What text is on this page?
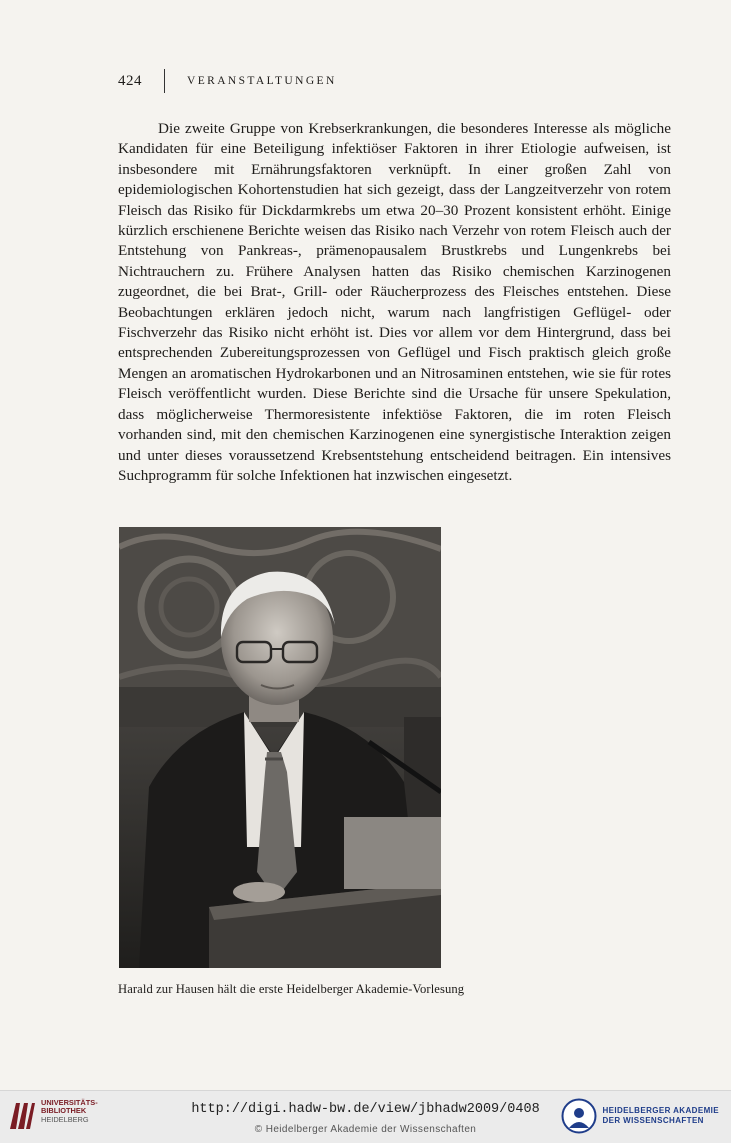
424	VERANSTALTUNGEN

Die zweite Gruppe von Krebserkrankungen, die besonderes Interesse als mögliche Kandidaten für eine Beteiligung infektiöser Faktoren in ihrer Etiologie aufweisen, ist insbesondere mit Ernährungsfaktoren verknüpft. In einer großen Zahl von epidemiologischen Kohortenstudien hat sich gezeigt, dass der Langzeitverzehr von rotem Fleisch das Risiko für Dickdarmkrebs um etwa 20–30 Prozent konsistent erhöht. Einige kürzlich erschienene Berichte weisen das Risiko nach Verzehr von rotem Fleisch auch der Entstehung von Pankreas-, prämenopausalem Brustkrebs und Lungenkrebs bei Nichtrauchern zu. Frühere Analysen hatten das Risiko chemischen Karzinogenen zugeordnet, die bei Brat-, Grill- oder Räucherprozess des Fleisches entstehen. Diese Beobachtungen erklären jedoch nicht, warum nach langfristigen Geflügel- oder Fischverzehr das Risiko nicht erhöht ist. Dies vor allem vor dem Hintergrund, dass bei entsprechenden Zubereitungsprozessen von Geflügel und Fisch praktisch gleich große Mengen an aromatischen Hydrokarbonen und an Nitrosaminen entstehen, wie sie für rotes Fleisch veröffentlicht wurden. Diese Berichte sind die Ursache für unsere Spekulation, dass möglicherweise Thermoresistente infektiöse Faktoren, die im roten Fleisch vorhanden sind, mit den chemischen Karzinogenen eine synergistische Interaktion zeigen und unter dieses voraussetzend Krebsentstehung entscheidend beitragen. Ein intensives Suchprogramm für solche Infektionen hat inzwischen eingesetzt.

Harald zur Hausen hält die erste Heidelberger Akademie-Vorlesung
UNIVERSITÄTS-
BIBLIOTHEK
HEIDELBERG
http://digi.hadw-bw.de/view/jbhadw2009/0408
© Heidelberger Akademie der Wissenschaften
HEIDELBERGER AKADEMIE
DER WISSENSCHAFTEN
